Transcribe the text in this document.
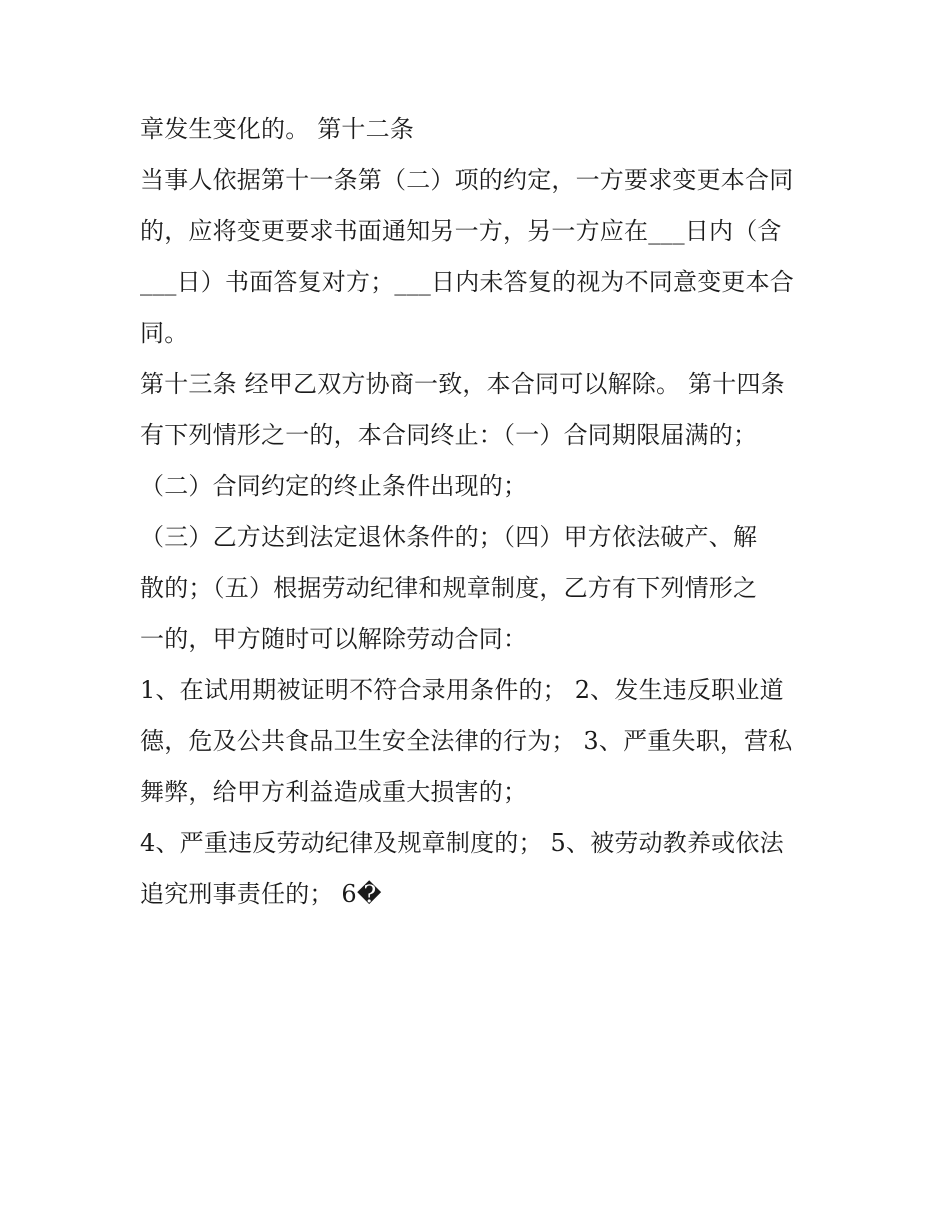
章发生变化的。 第十二条
当事人依据第十一条第（二）项的约定，一方要求变更本合同
的，应将变更要求书面通知另一方，另一方应在___日内（含
___日）书面答复对方；___日内未答复的视为不同意变更本合
同。
第十三条 经甲乙双方协商一致，本合同可以解除。 第十四条
有下列情形之一的，本合同终止：（一）合同期限届满的；
（二）合同约定的终止条件出现的；
（三）乙方达到法定退休条件的；（四）甲方依法破产、解
散的；（五）根据劳动纪律和规章制度，乙方有下列情形之
一的，甲方随时可以解除劳动合同：
1、在试用期被证明不符合录用条件的； 2、发生违反职业道
德，危及公共食品卫生安全法律的行为； 3、严重失职，营私
舞弊，给甲方利益造成重大损害的；
4、严重违反劳动纪律及规章制度的； 5、被劳动教养或依法
追究刑事责任的； 6�
